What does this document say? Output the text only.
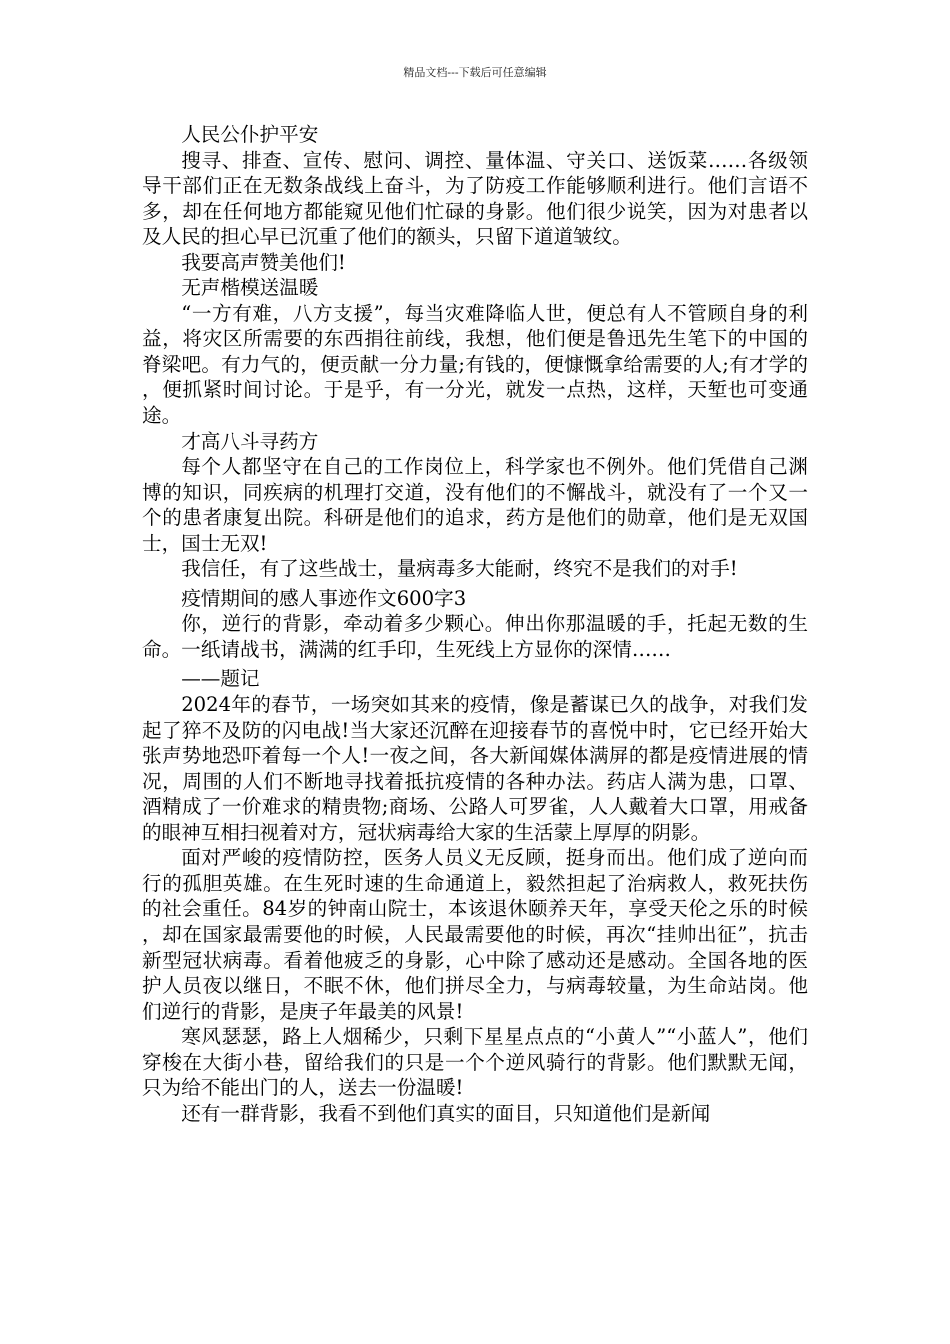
精品文档---下载后可任意编辑

人民公仆护平安

搜寻、排查、宣传、慰问、调控、量体温、守关口、送饭菜……各级领导干部们正在无数条战线上奋斗，为了防疫工作能够顺利进行。他们言语不多，却在任何地方都能窥见他们忙碌的身影。他们很少说笑，因为对患者以及人民的担心早已沉重了他们的额头，只留下道道皱纹。

我要高声赞美他们!

无声楷模送温暖

“一方有难，八方支援”，每当灾难降临人世，便总有人不管顾自身的利益，将灾区所需要的东西捐往前线，我想，他们便是鲁迅先生笔下的中国的脊梁吧。有力气的，便贡献一分力量;有钱的，便慷慨拿给需要的人;有才学的，便抓紧时间讨论。于是乎，有一分光，就发一点热，这样，天堑也可变通途。

才高八斗寻药方

每个人都坚守在自己的工作岗位上，科学家也不例外。他们凭借自己渊博的知识，同疾病的机理打交道，没有他们的不懈战斗，就没有了一个又一个的患者康复出院。科研是他们的追求，药方是他们的勋章，他们是无双国士，国士无双!

我信任，有了这些战士，量病毒多大能耐，终究不是我们的对手!

疫情期间的感人事迹作文600字3

你，逆行的背影，牵动着多少颗心。伸出你那温暖的手，托起无数的生命。一纸请战书，满满的红手印，生死线上方显你的深情……

——题记

2024年的春节，一场突如其来的疫情，像是蓄谋已久的战争，对我们发起了猝不及防的闪电战!当大家还沉醉在迎接春节的喜悦中时，它已经开始大张声势地恐吓着每一个人!一夜之间，各大新闻媒体满屏的都是疫情进展的情况，周围的人们不断地寻找着抵抗疫情的各种办法。药店人满为患，口罩、酒精成了一价难求的精贵物;商场、公路人可罗雀，人人戴着大口罩，用戒备的眼神互相扫视着对方，冠状病毒给大家的生活蒙上厚厚的阴影。

面对严峻的疫情防控，医务人员义无反顾，挺身而出。他们成了逆向而行的孤胆英雄。在生死时速的生命通道上，毅然担起了治病救人，救死扶伤的社会重任。84岁的钟南山院士，本该退休颐养天年，享受天伦之乐的时候，却在国家最需要他的时候，人民最需要他的时候，再次“挂帅出征”，抗击新型冠状病毒。看着他疲乏的身影，心中除了感动还是感动。全国各地的医护人员夜以继日，不眠不休，他们拼尽全力，与病毒较量，为生命站岗。他们逆行的背影，是庚子年最美的风景!

寒风瑟瑟，路上人烟稀少，只剩下星星点点的“小黄人”“小蓝人”，他们穿梭在大街小巷，留给我们的只是一个个逆风骑行的背影。他们默默无闻，只为给不能出门的人，送去一份温暖!

还有一群背影，我看不到他们真实的面目，只知道他们是新闻
